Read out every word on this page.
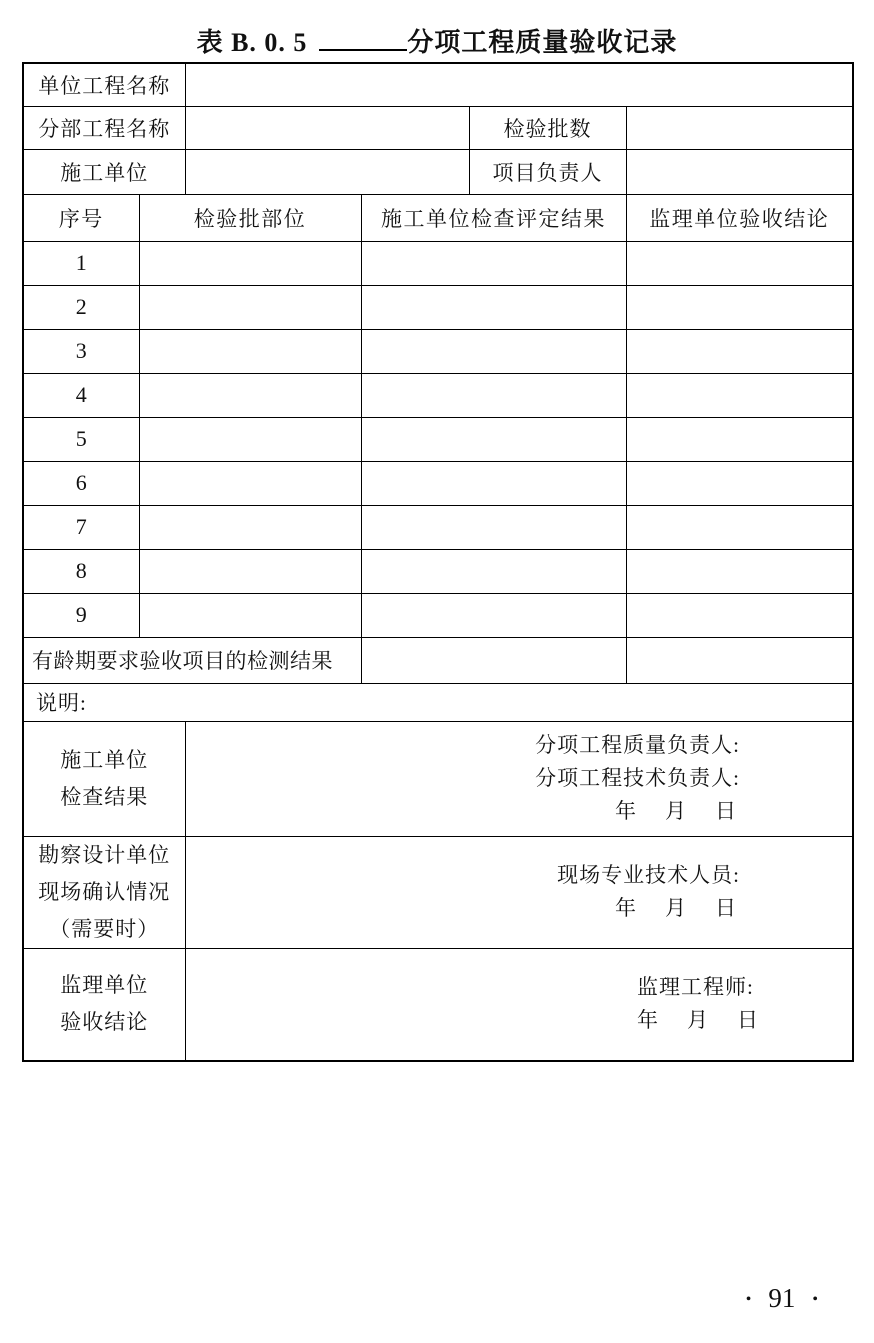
表 B. 0. 5	分项工程质量验收记录
单位工程名称					
分部工程名称				检验批数	
施工单位				项目负责人	
序号	检验批部位		施工单位检查评定结果		监理单位验收结论
1					
2					
3					
4					
5					
6					
7					
8					
9					
有龄期要求验收项目的检测结果					
说明:					

施工单位
检查结果

分项工程质量负责人:
分项工程技术负责人:
年　月　日

勘察设计单位
现场确认情况
（需要时）

现场专业技术人员:
年　月　日

监理单位
验收结论

监理工程师:
年　月　日
• 91 •
